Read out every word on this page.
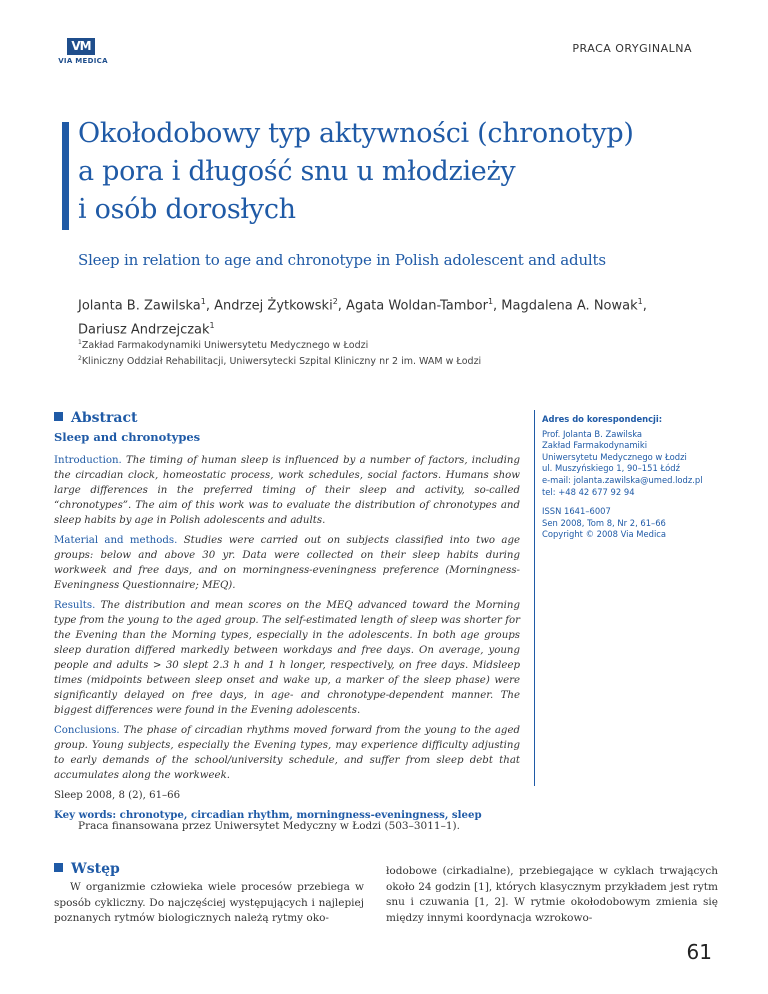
VM
VIA MEDICA
PRACA ORYGINALNA
Okołodobowy typ aktywności (chronotyp)
a pora i długość snu u młodzieży
i osób dorosłych
Sleep in relation to age and chronotype in Polish adolescent and adults
Jolanta B. Zawilska$^1$, Andrzej Żytkowski$^2$, Agata Woldan-Tambor$^1$, Magdalena A. Nowak$^1$,
Dariusz Andrzejczak$^1$
$^1$Zakład Farmakodynamiki Uniwersytetu Medycznego w Łodzi
$^2$Kliniczny Oddział Rehabilitacji, Uniwersytecki Szpital Kliniczny nr 2 im. WAM w Łodzi
Abstract
Sleep and chronotypes

Introduction. The timing of human sleep is influenced by a number of factors, including the circadian clock, homeostatic process, work schedules, social factors. Humans show large differences in the preferred timing of their sleep and activity, so-called “chronotypes”. The aim of this work was to evaluate the distribution of chronotypes and sleep habits by age in Polish adolescents and adults.

Material and methods. Studies were carried out on subjects classified into two age groups: below and above 30 yr. Data were collected on their sleep habits during workweek and free days, and on morningness-eveningness preference (Morningness-Eveningness Questionnaire; MEQ).

Results. The distribution and mean scores on the MEQ advanced toward the Morning type from the young to the aged group. The self-estimated length of sleep was shorter for the Evening than the Morning types, especially in the adolescents. In both age groups sleep duration differed markedly between workdays and free days. On average, young people and adults > 30 slept 2.3 h and 1 h longer, respectively, on free days. Midsleep times (midpoints between sleep onset and wake up, a marker of the sleep phase) were significantly delayed on free days, in age- and chronotype-dependent manner. The biggest differences were found in the Evening adolescents.

Conclusions. The phase of circadian rhythms moved forward from the young to the aged group. Young subjects, especially the Evening types, may experience difficulty adjusting to early demands of the school/university schedule, and suffer from sleep debt that accumulates along the workweek.

Sleep 2008, 8 (2), 61–66

Key words: chronotype, circadian rhythm, morningness-eveningness, sleep

Adres do korespondencji:
Prof. Jolanta B. Zawilska
Zakład Farmakodynamiki
Uniwersytetu Medycznego w Łodzi
ul. Muszyńskiego 1, 90–151 Łódź
e-mail: jolanta.zawilska@umed.lodz.pl
tel: +48 42 677 92 94
ISSN 1641–6007
Sen 2008, Tom 8, Nr 2, 61–66
Copyright © 2008 Via Medica
Praca finansowana przez Uniwersytet Medyczny w Łodzi (503–3011–1).
Wstęp
W organizmie człowieka wiele procesów przebiega w sposób cykliczny. Do najczęściej występujących i najlepiej poznanych rytmów biologicznych należą rytmy oko-
łodobowe (cirkadialne), przebiegające w cyklach trwających około 24 godzin [1], których klasycznym przykładem jest rytm snu i czuwania [1, 2]. W rytmie okołodobowym zmienia się między innymi koordynacja wzrokowo-
61
